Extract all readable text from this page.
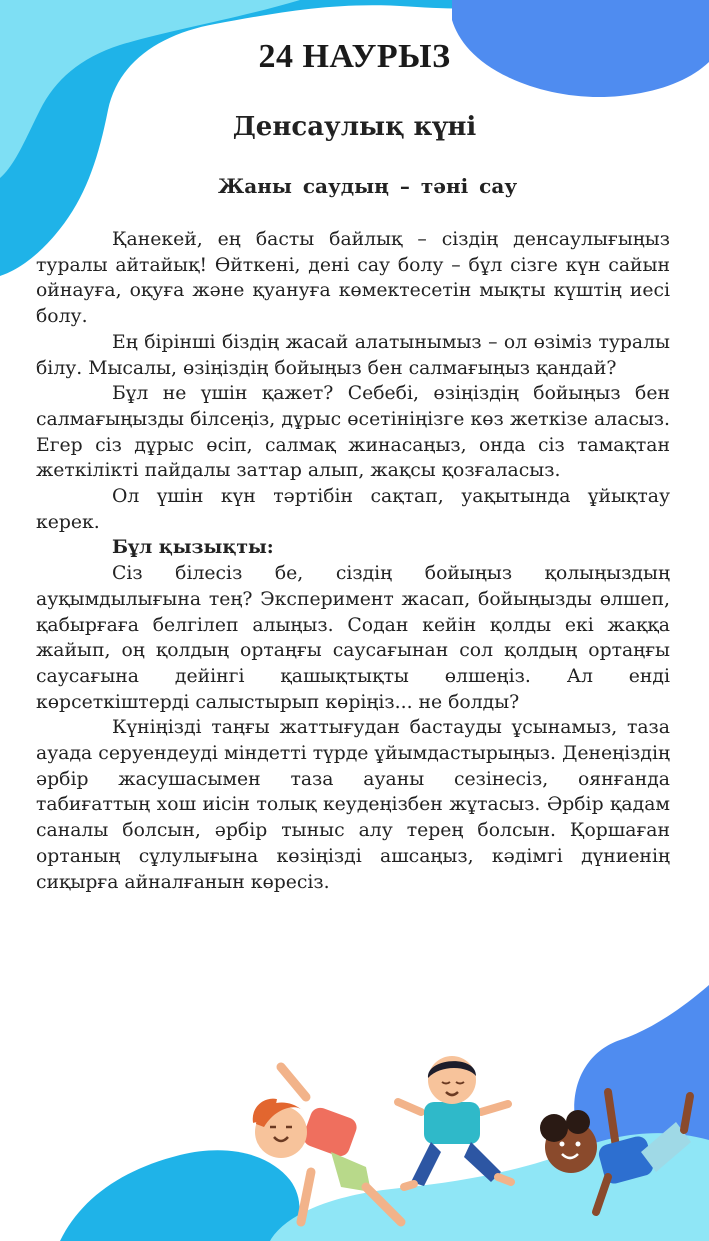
24 НАУРЫЗ
Денсаулық күні
Жаны саудың – тәні сау

Қанекей, ең басты байлық – сіздің денсаулығыңыз туралы айтайық! Өйткені, дені сау болу – бұл сізге күн сайын ойнауға, оқуға және қуануға көмектесетін мықты күштің иесі болу.

Ең бірінші біздің жасай алатынымыз – ол өзіміз туралы білу. Мысалы, өзіңіздің бойыңыз бен салмағыңыз қандай?

Бұл не үшін қажет? Себебі, өзіңіздің бойыңыз бен салмағыңызды білсеңіз, дұрыс өсетініңізге көз жеткізе аласыз. Егер сіз дұрыс өсіп, салмақ жинасаңыз, онда сіз тамақтан жеткілікті пайдалы заттар алып, жақсы қозғаласыз.

Ол үшін күн тәртібін сақтап, уақытында ұйықтау керек.

Бұл қызықты:

Сіз білесіз бе, сіздің бойыңыз қолыңыздың ауқымдылығына тең? Эксперимент жасап, бойыңызды өлшеп, қабырғаға белгілеп алыңыз. Содан кейін қолды екі жаққа жайып, оң қолдың ортаңғы саусағынан сол қолдың ортаңғы саусағына дейінгі қашықтықты өлшеңіз. Ал енді көрсеткіштерді салыстырып көріңіз... не болды?

Күніңізді таңғы жаттығудан бастауды ұсынамыз, таза ауада серуендеуді міндетті түрде ұйымдастырыңыз. Денеңіздің әрбір жасушасымен таза ауаны сезінесіз, оянғанда табиғаттың хош иісін толық кеудеңізбен жұтасыз. Әрбір қадам саналы болсын, әрбір тыныс алу терең болсын. Қоршаған ортаның сұлулығына көзіңізді ашсаңыз, кәдімгі дүниенің сиқырға айналғанын көресіз.
